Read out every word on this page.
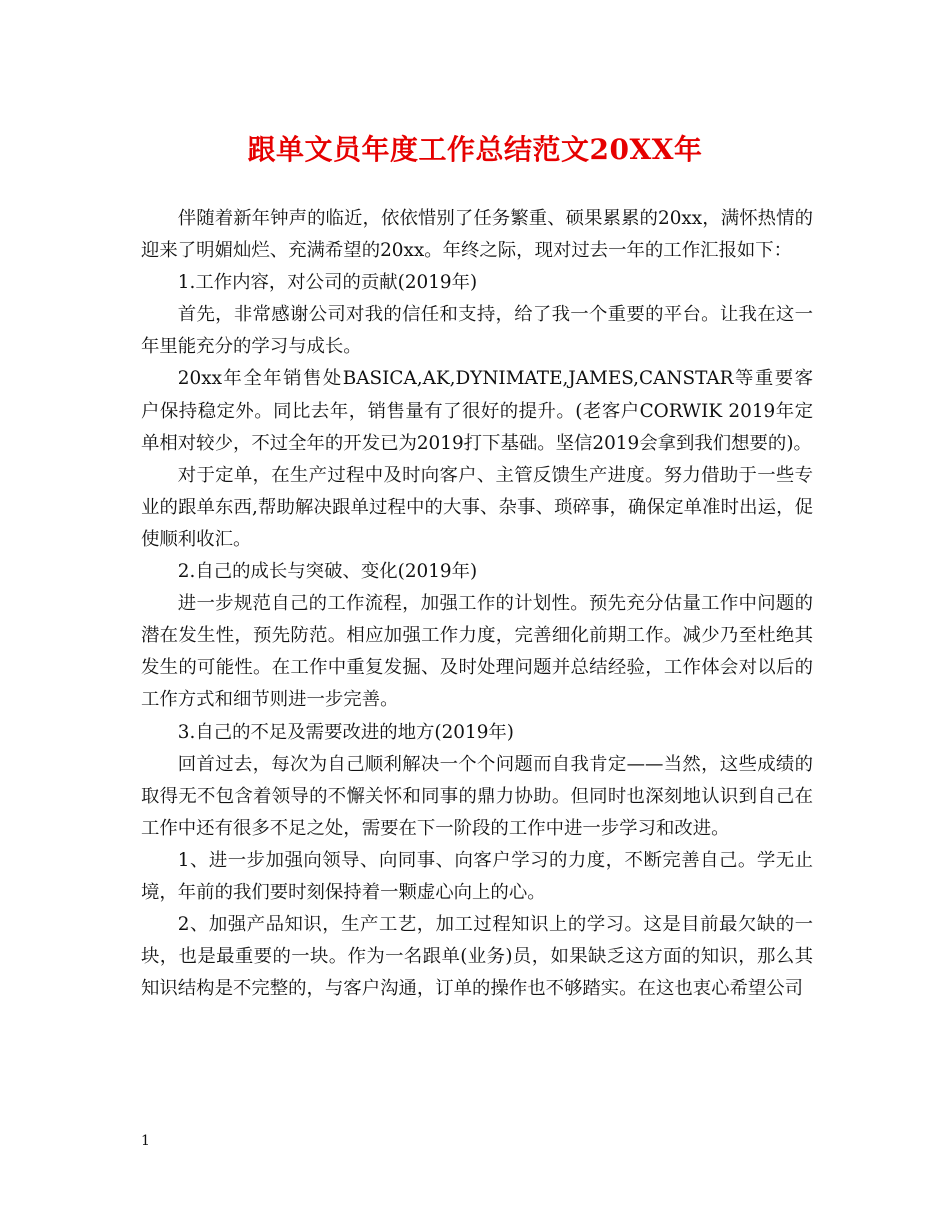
跟单文员年度工作总结范文20XX年

伴随着新年钟声的临近，依依惜别了任务繁重、硕果累累的20xx，满怀热情的迎来了明媚灿烂、充满希望的20xx。年终之际，现对过去一年的工作汇报如下：

1.工作内容，对公司的贡献(2019年)

首先，非常感谢公司对我的信任和支持，给了我一个重要的平台。让我在这一年里能充分的学习与成长。

20xx年全年销售处BASICA,AK,DYNIMATE,JAMES,CANSTAR等重要客户保持稳定外。同比去年，销售量有了很好的提升。(老客户CORWIK 2019年定单相对较少，不过全年的开发已为2019打下基础。坚信2019会拿到我们想要的)。

对于定单，在生产过程中及时向客户、主管反馈生产进度。努力借助于一些专业的跟单东西,帮助解决跟单过程中的大事、杂事、琐碎事，确保定单准时出运，促使顺利收汇。

2.自己的成长与突破、变化(2019年)

进一步规范自己的工作流程，加强工作的计划性。预先充分估量工作中问题的潜在发生性，预先防范。相应加强工作力度，完善细化前期工作。减少乃至杜绝其发生的可能性。在工作中重复发掘、及时处理问题并总结经验，工作体会对以后的工作方式和细节则进一步完善。

3.自己的不足及需要改进的地方(2019年)

回首过去，每次为自己顺利解决一个个问题而自我肯定——当然，这些成绩的取得无不包含着领导的不懈关怀和同事的鼎力协助。但同时也深刻地认识到自己在工作中还有很多不足之处，需要在下一阶段的工作中进一步学习和改进。

1、进一步加强向领导、向同事、向客户学习的力度，不断完善自己。学无止境，年前的我们要时刻保持着一颗虚心向上的心。

2、加强产品知识，生产工艺，加工过程知识上的学习。这是目前最欠缺的一块，也是最重要的一块。作为一名跟单(业务)员，如果缺乏这方面的知识，那么其知识结构是不完整的，与客户沟通，订单的操作也不够踏实。在这也衷心希望公司

1
